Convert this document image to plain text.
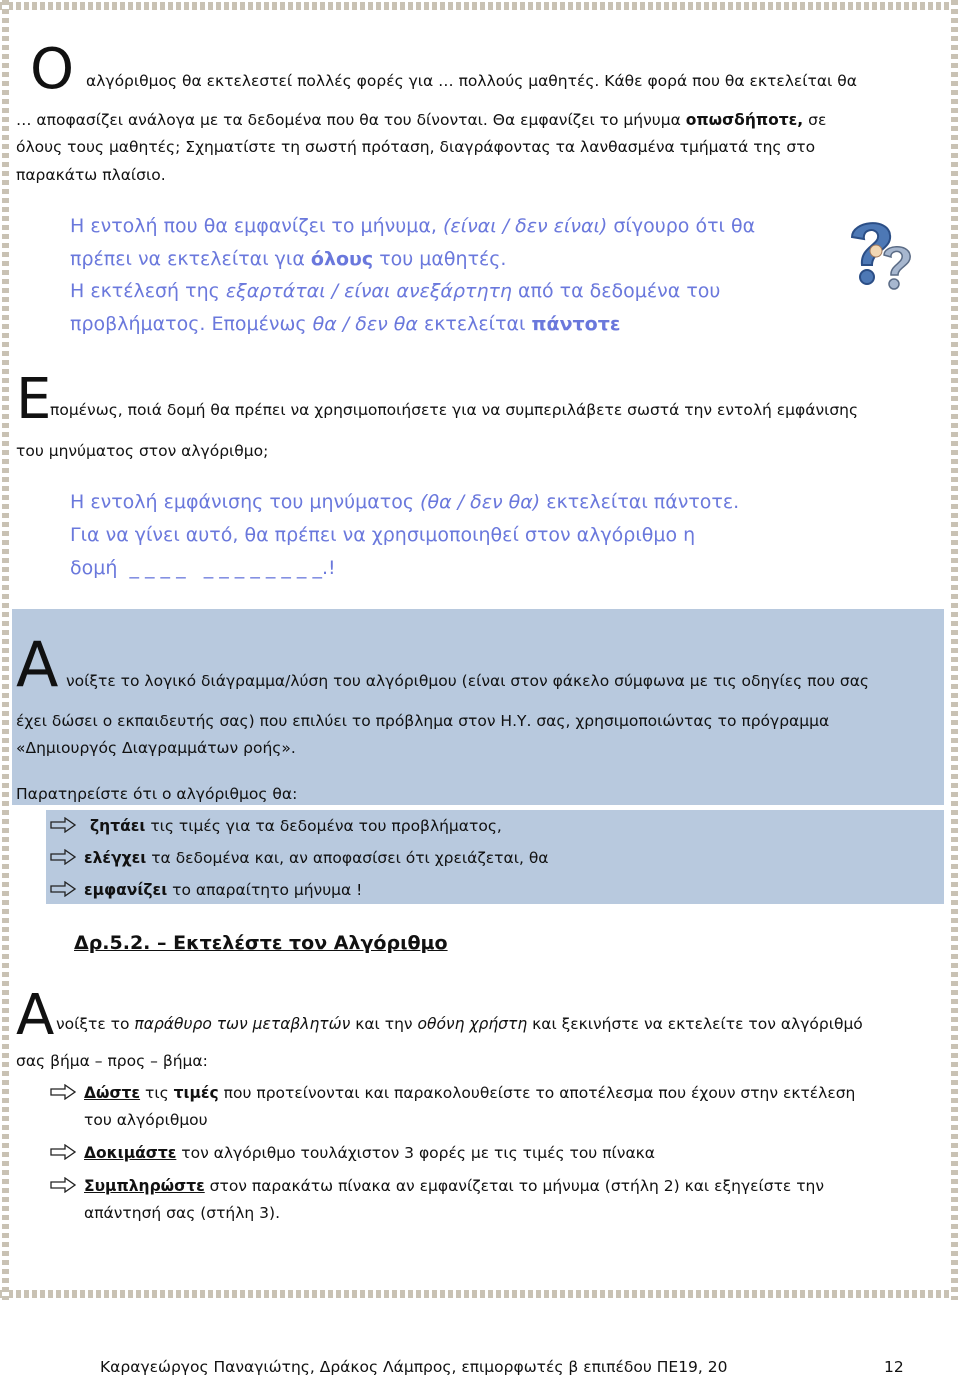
Ο αλγόριθμος θα εκτελεστεί πολλές φορές για … πολλούς μαθητές. Κάθε φορά που θα εκτελείται θα
… αποφασίζει ανάλογα με τα δεδομένα που θα του δίνονται. Θα εμφανίζει το μήνυμα οπωσδήποτε, σε
όλους τους μαθητές; Σχηματίστε τη σωστή πρόταση, διαγράφοντας τα λανθασμένα τμήματά της στο
παρακάτω πλαίσιο.
Η εντολή που θα εμφανίζει το μήνυμα, (είναι / δεν είναι) σίγουρο ότι θα
πρέπει να εκτελείται για όλους του μαθητές.
Η εκτέλεσή της εξαρτάται / είναι ανεξάρτητη από τα δεδομένα του
προβλήματος. Επομένως θα / δεν θα εκτελείται πάντοτε
Ε
πομένως, ποιά δομή θα πρέπει να χρησιμοποιήσετε για να συμπεριλάβετε σωστά την εντολή εμφάνισης
του μηνύματος στον αλγόριθμο;
Η εντολή εμφάνισης του μηνύματος (θα / δεν θα) εκτελείται πάντοτε.
Για να γίνει αυτό, θα πρέπει να χρησιμοποιηθεί στον αλγόριθμο η
δομή  _ _ _ _   _ _ _ _ _ _ _ _.!
Α νοίξτε το λογικό διάγραμμα/λύση του αλγόριθμου (είναι στον φάκελο σύμφωνα με τις οδηγίες που σας
έχει δώσει ο εκπαιδευτής σας) που επιλύει το πρόβλημα στον Η.Υ. σας, χρησιμοποιώντας το πρόγραμμα
«Δημιουργός Διαγραμμάτων ροής».
Παρατηρείστε ότι ο αλγόριθμος θα:
ζητάει τις τιμές για τα δεδομένα του προβλήματος,
ελέγχει τα δεδομένα και, αν αποφασίσει ότι χρειάζεται, θα
εμφανίζει το απαραίτητο μήνυμα !
Δρ.5.2. – Εκτελέστε τον Αλγόριθμο
Α νοίξτε το παράθυρο των μεταβλητών και την οθόνη χρήστη και ξεκινήστε να εκτελείτε τον αλγόριθμό
σας βήμα – προς – βήμα:
Δώστε τις τιμές που προτείνονται και παρακολουθείστε το αποτέλεσμα που έχουν στην εκτέλεση
του αλγόριθμου
Δοκιμάστε τον αλγόριθμο τουλάχιστον 3 φορές με τις τιμές του πίνακα
Συμπληρώστε στον παρακάτω πίνακα αν εμφανίζεται το μήνυμα (στήλη 2) και εξηγείστε την
απάντησή σας (στήλη 3).
Καραγεώργος Παναγιώτης, Δράκος Λάμπρος, επιμορφωτές β επιπέδου ΠΕ19, 20	12
